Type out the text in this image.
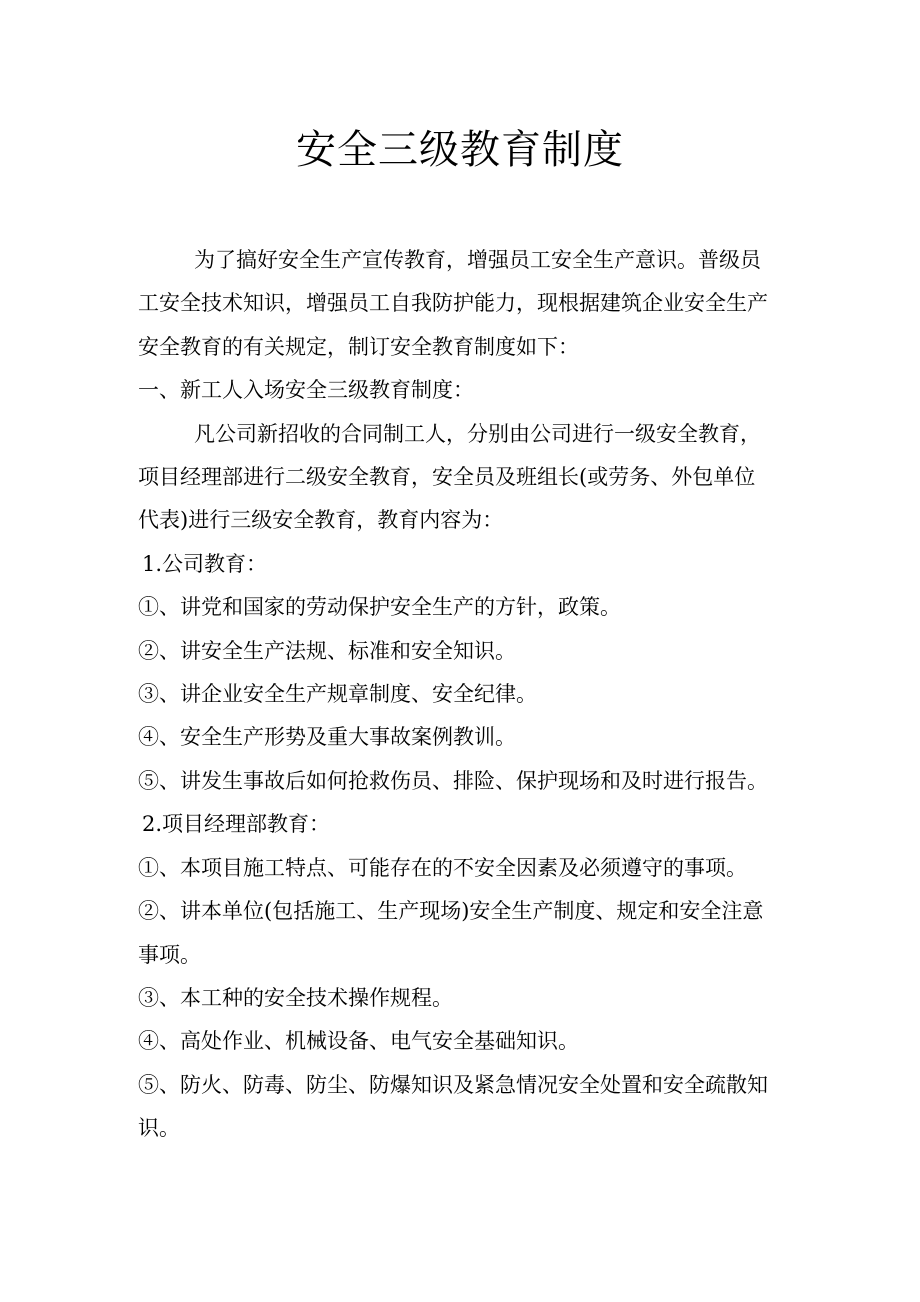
安全三级教育制度

为了搞好安全生产宣传教育，增强员工安全生产意识。普级员

工安全技术知识，增强员工自我防护能力，现根据建筑企业安全生产

安全教育的有关规定，制订安全教育制度如下：

一、新工人入场安全三级教育制度：

凡公司新招收的合同制工人，分别由公司进行一级安全教育，

项目经理部进行二级安全教育，安全员及班组长(或劳务、外包单位

代表)进行三级安全教育，教育内容为：

1.公司教育：

①、讲党和国家的劳动保护安全生产的方针，政策。

②、讲安全生产法规、标准和安全知识。

③、讲企业安全生产规章制度、安全纪律。

④、安全生产形势及重大事故案例教训。

⑤、讲发生事故后如何抢救伤员、排险、保护现场和及时进行报告。

2.项目经理部教育：

①、本项目施工特点、可能存在的不安全因素及必须遵守的事项。

②、讲本单位(包括施工、生产现场)安全生产制度、规定和安全注意

事项。

③、本工种的安全技术操作规程。

④、高处作业、机械设备、电气安全基础知识。

⑤、防火、防毒、防尘、防爆知识及紧急情况安全处置和安全疏散知

识。
